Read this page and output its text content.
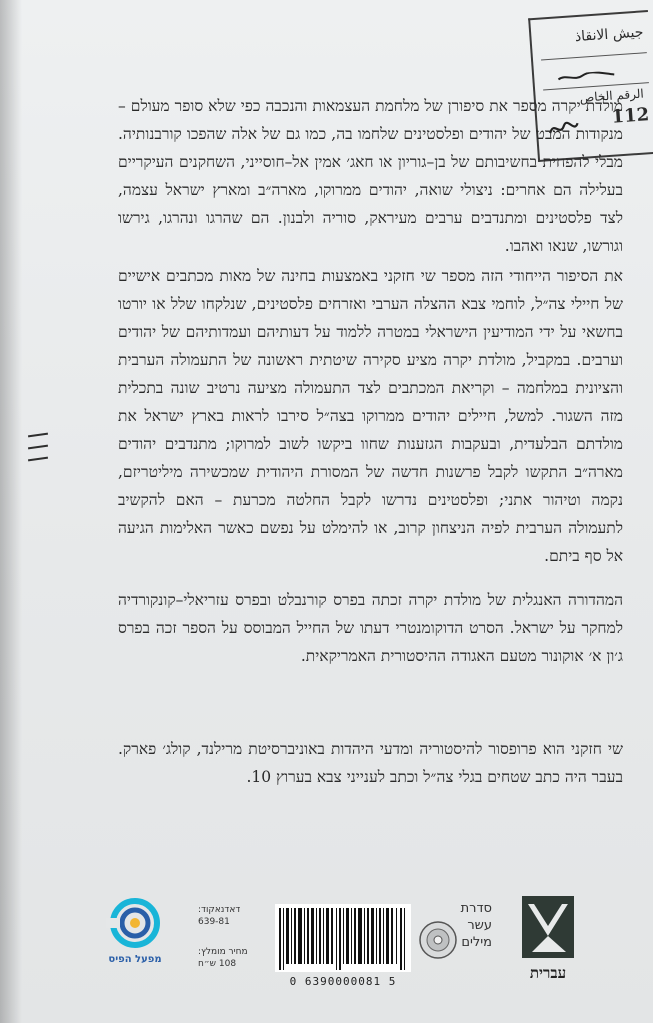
جيش الانقاذ
الرقم الخاص
112

מולדת יקרה מספר את סיפורן של מלחמת העצמאות והנכבה כפי שלא סופר מעולם – מנקודות המבט של יהודים ופלסטינים שלחמו בה, כמו גם של אלה שהפכו קורבנותיה. מבלי להפחית בחשיבותם של בן–גוריון או חאג׳ אמין אל–חוסייני, השחקנים העיקריים בעלילה הם אחרים: ניצולי שואה, יהודים ממרוקו, מארה״ב ומארץ ישראל עצמה, לצד פלסטינים ומתנדבים ערבים מעיראק, סוריה ולבנון. הם שהרגו ונהרגו, גירשו וגורשו, שנאו ואהבו.

את הסיפור הייחודי הזה מספר שי חזקני באמצעות בחינה של מאות מכתבים אישיים של חיילי צה״ל, לוחמי צבא ההצלה הערבי ואזרחים פלסטינים, שנלקחו שלל או יורטו בחשאי על ידי המודיעין הישראלי במטרה ללמוד על דעותיהם ועמדותיהם של יהודים וערבים. במקביל, מולדת יקרה מציע סקירה שיטתית ראשונה של התעמולה הערבית והציונית במלחמה – וקריאת המכתבים לצד התעמולה מציעה נרטיב שונה בתכלית מזה השגור. למשל, חיילים יהודים ממרוקו בצה״ל סירבו לראות בארץ ישראל את מולדתם הבלעדית, ובעקבות הגזענות שחוו ביקשו לשוב למרוקו; מתנדבים יהודים מארה״ב התקשו לקבל פרשנות חדשה של המסורת היהודית שמכשירה מיליטריזם, נקמה וטיהור אתני; ופלסטינים נדרשו לקבל החלטה מכרעת – האם להקשיב לתעמולה הערבית לפיה הניצחון קרוב, או להימלט על נפשם כאשר האלימות הגיעה אל סף ביתם.

המהדורה האנגלית של מולדת יקרה זכתה בפרס קורנבלט ובפרס עזריאלי–קונקורדיה למחקר על ישראל. הסרט הדוקומנטרי דעתו של החייל המבוסס על הספר זכה בפרס ג׳ון א׳ אוקונור מטעם האגודה ההיסטורית האמריקאית.

שי חזקני הוא פרופסור להיסטוריה ומדעי היהדות באוניברסיטת מרילנד, קולג׳ פארק. בעבר היה כתב שטחים בגלי צה״ל וכתב לענייני צבא בערוץ 10.

מפעל הפיס
דאדנאקוד:
639-81
מחיר מומלץ:
108 ש״ח
0 6390000081 5
סדרת
עשר
מילים
עברית
